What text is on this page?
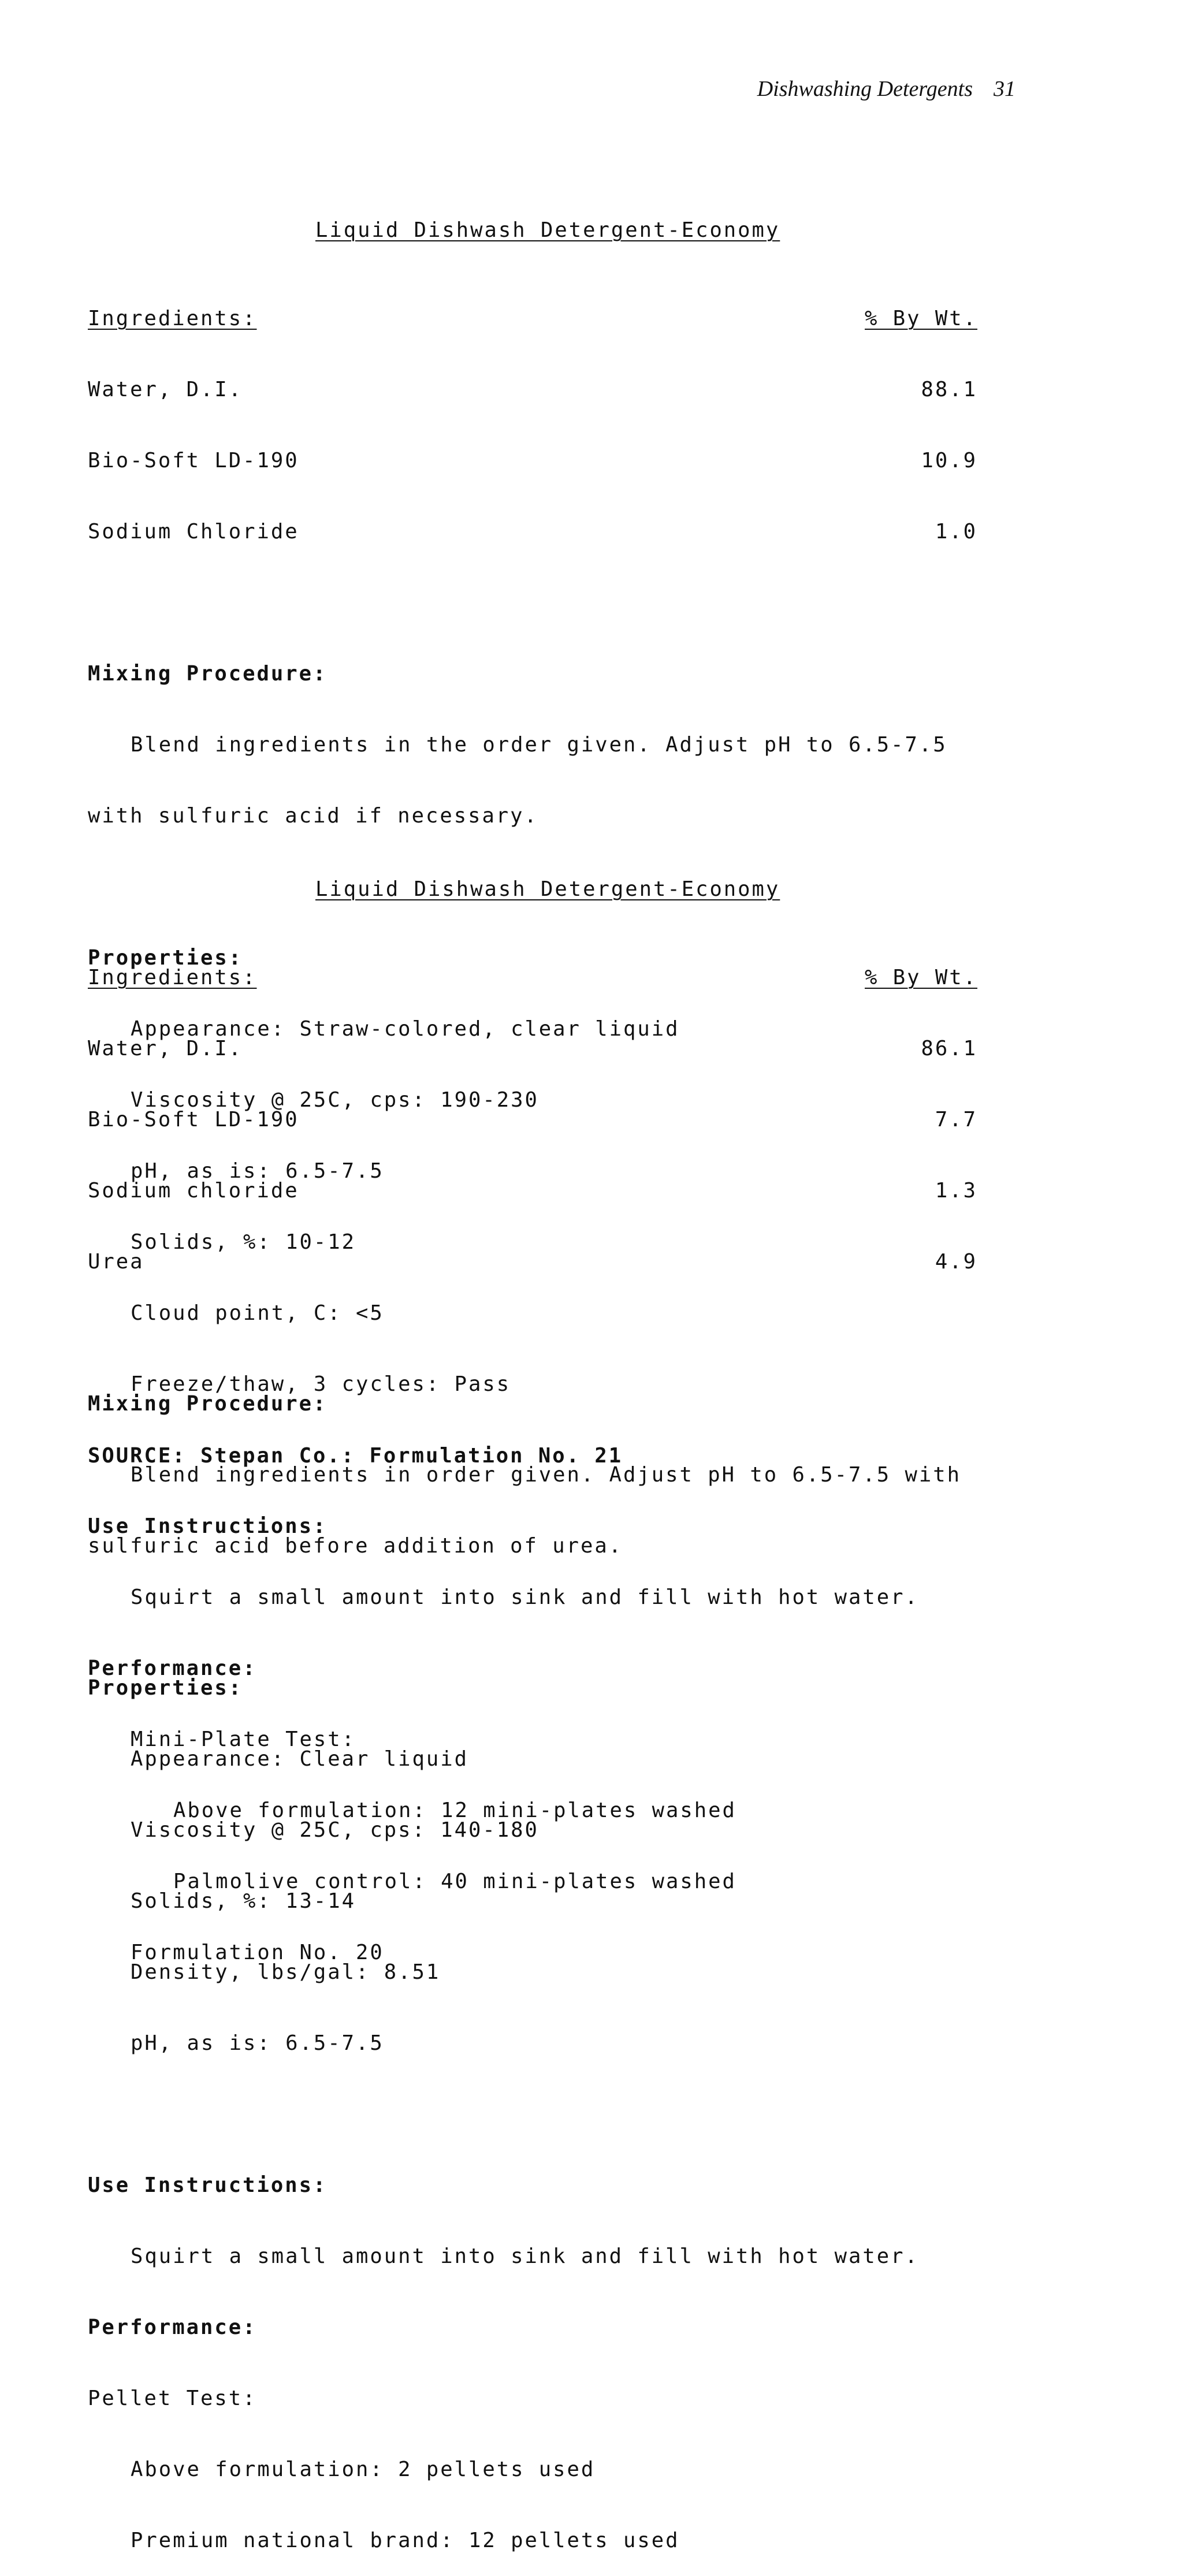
Dishwashing Detergents 31

Liquid Dishwash Detergent-Economy

Ingredients:	% By Wt.

Water, D.I.	88.1

Bio-Soft LD-190	10.9

Sodium Chloride	1.0

Mixing Procedure:

Blend ingredients in the order given. Adjust pH to 6.5-7.5

with sulfuric acid if necessary.

Properties:

Appearance: Straw-colored, clear liquid

Viscosity @ 25C, cps: 190-230

pH, as is: 6.5-7.5

Solids, %: 10-12

Cloud point, C: <5

Freeze/thaw, 3 cycles: Pass

Use Instructions:

Squirt a small amount into sink and fill with hot water.

Performance:

Mini-Plate Test:

Above formulation: 12 mini-plates washed

Palmolive control: 40 mini-plates washed

Formulation No. 20

Liquid Dishwash Detergent-Economy

Ingredients:	% By Wt.

Water, D.I.	86.1

Bio-Soft LD-190	7.7

Sodium chloride	1.3

Urea	4.9

Mixing Procedure:

Blend ingredients in order given. Adjust pH to 6.5-7.5 with

sulfuric acid before addition of urea.

Properties:

Appearance: Clear liquid

Viscosity @ 25C, cps: 140-180

Solids, %: 13-14

Density, lbs/gal: 8.51

pH, as is: 6.5-7.5

Use Instructions:

Squirt a small amount into sink and fill with hot water.

Performance:

Pellet Test:

Above formulation: 2 pellets used

Premium national brand: 12 pellets used

SOURCE: Stepan Co.: Formulation No. 21
